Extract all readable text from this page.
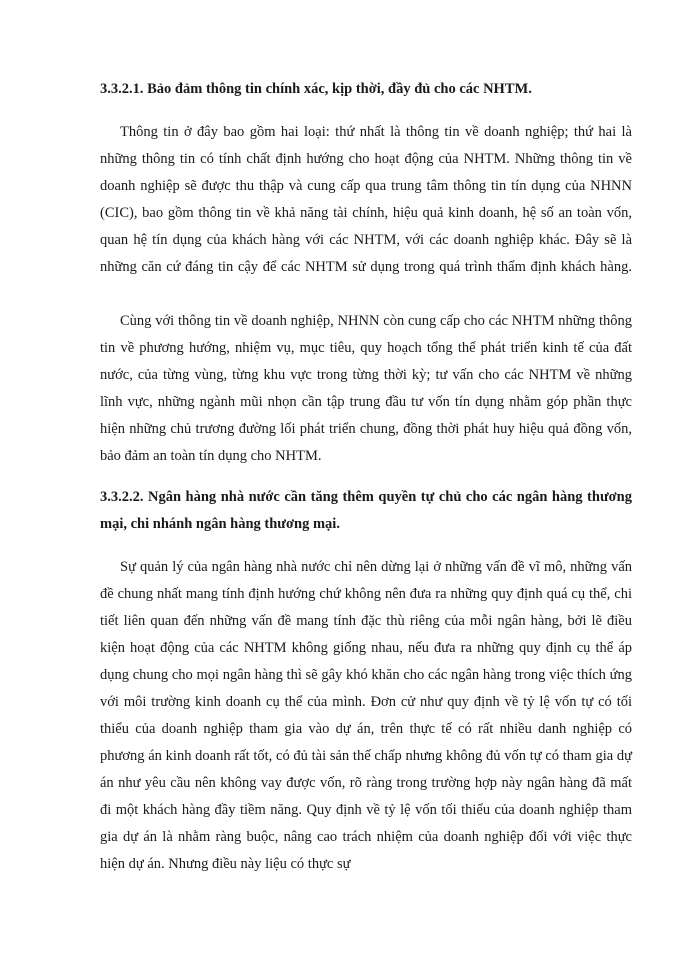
3.3.2.1. Bảo đảm thông tin chính xác, kịp thời, đầy đủ cho các NHTM.

Thông tin ở đây bao gồm hai loại: thứ nhất là thông tin về doanh nghiệp; thứ hai là những thông tin có tính chất định hướng cho hoạt động của NHTM. Những thông tin về doanh nghiệp sẽ được thu thập và cung cấp qua trung tâm thông tin tín dụng của NHNN (CIC), bao gồm thông tin về khả năng tài chính, hiệu quả kinh doanh, hệ số an toàn vốn, quan hệ tín dụng của khách hàng với các NHTM, với các doanh nghiệp khác. Đây sẽ là những căn cứ đáng tin cậy để các NHTM sử dụng trong quá trình thẩm định khách hàng.

Cùng với thông tin về doanh nghiệp, NHNN còn cung cấp cho các NHTM những thông tin về phương hướng, nhiệm vụ, mục tiêu, quy hoạch tổng thể phát triển kinh tế của đất nước, của từng vùng, từng khu vực trong từng thời kỳ; tư vấn cho các NHTM về những lĩnh vực, những ngành mũi nhọn cần tập trung đầu tư vốn tín dụng nhằm góp phần thực hiện những chủ trương đường lối phát triển chung, đồng thời phát huy hiệu quả đồng vốn, bảo đảm an toàn tín dụng cho NHTM.

3.3.2.2. Ngân hàng nhà nước cần tăng thêm quyền tự chủ cho các ngân hàng thương mại, chi nhánh ngân hàng thương mại.

Sự quản lý của ngân hàng nhà nước chỉ nên dừng lại ở những vấn đề vĩ mô, những vấn đề chung nhất mang tính định hướng chứ không nên đưa ra những quy định quá cụ thể, chi tiết liên quan đến những vấn đề mang tính đặc thù riêng của mỗi ngân hàng, bởi lẽ điều kiện hoạt động của các NHTM không giống nhau, nếu đưa ra những quy định cụ thể áp dụng chung cho mọi ngân hàng thì sẽ gây khó khăn cho các ngân hàng trong việc thích ứng với môi trường kinh doanh cụ thể của mình. Đơn cử như quy định về tỷ lệ vốn tự có tối thiểu của doanh nghiệp tham gia vào dự án, trên thực tế có rất nhiều danh nghiệp có phương án kinh doanh rất tốt, có đủ tài sản thế chấp nhưng không đủ vốn tự có tham gia dự án như yêu cầu nên không vay được vốn, rõ ràng trong trường hợp này ngân hàng đã mất đi một khách hàng đầy tiềm năng. Quy định về tỷ lệ vốn tối thiểu của doanh nghiệp tham gia dự án là nhằm ràng buộc, nâng cao trách nhiệm của doanh nghiệp đối với việc thực hiện dự án. Nhưng điều này liệu có thực sự
